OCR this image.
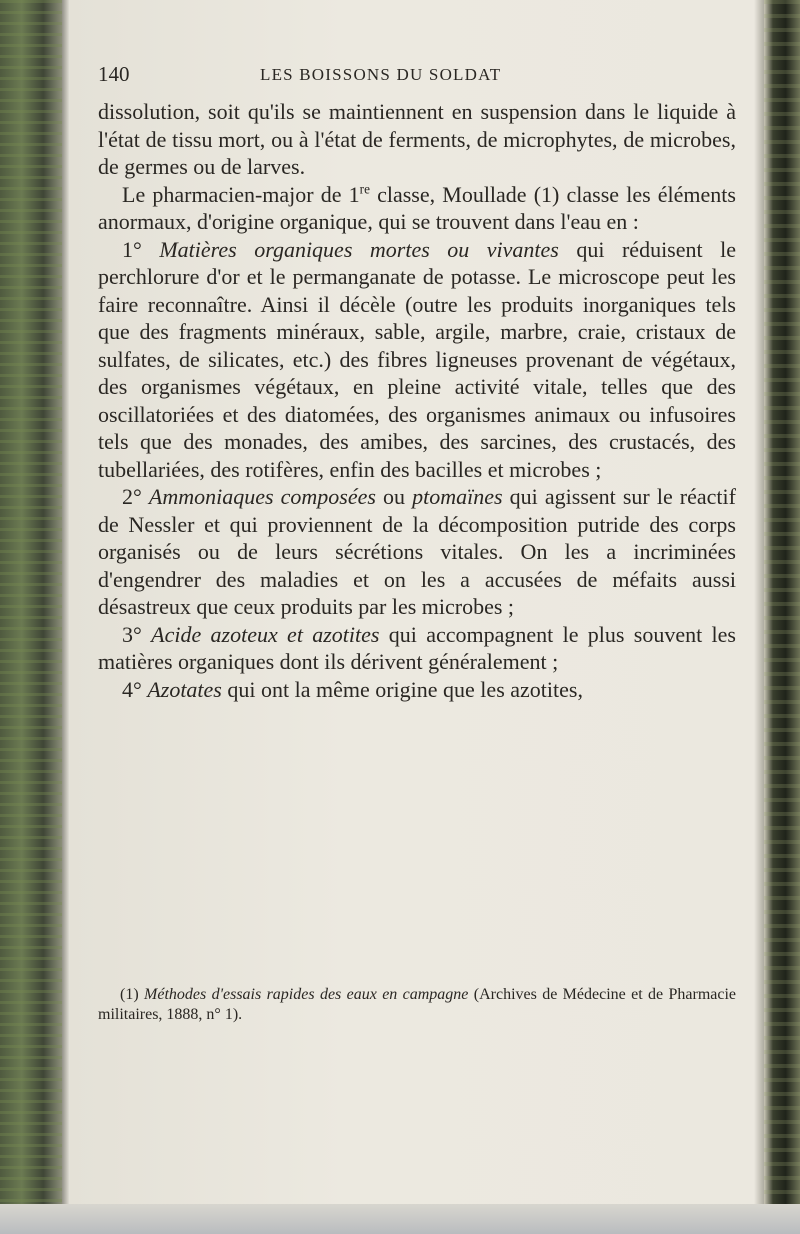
140	LES BOISSONS DU SOLDAT

dissolution, soit qu'ils se maintiennent en suspension dans le liquide à l'état de tissu mort, ou à l'état de ferments, de microphytes, de microbes, de germes ou de larves.

Le pharmacien-major de 1re classe, Moullade (1) classe les éléments anormaux, d'origine organique, qui se trouvent dans l'eau en :

1° Matières organiques mortes ou vivantes qui réduisent le perchlorure d'or et le permanganate de potasse. Le microscope peut les faire reconnaître. Ainsi il décèle (outre les produits inorganiques tels que des fragments minéraux, sable, argile, marbre, craie, cristaux de sulfates, de silicates, etc.) des fibres ligneuses provenant de végétaux, des organismes végétaux, en pleine activité vitale, telles que des oscillatoriées et des diatomées, des organismes animaux ou infusoires tels que des monades, des amibes, des sarcines, des crustacés, des tubellariées, des rotifères, enfin des bacilles et microbes ;

2° Ammoniaques composées ou ptomaïnes qui agissent sur le réactif de Nessler et qui proviennent de la décomposition putride des corps organisés ou de leurs sécrétions vitales. On les a incriminées d'engendrer des maladies et on les a accusées de méfaits aussi désastreux que ceux produits par les microbes ;

3° Acide azoteux et azotites qui accompagnent le plus souvent les matières organiques dont ils dérivent généralement ;

4° Azotates qui ont la même origine que les azotites,

(1) Méthodes d'essais rapides des eaux en campagne (Archives de Médecine et de Pharmacie militaires, 1888, n° 1).
